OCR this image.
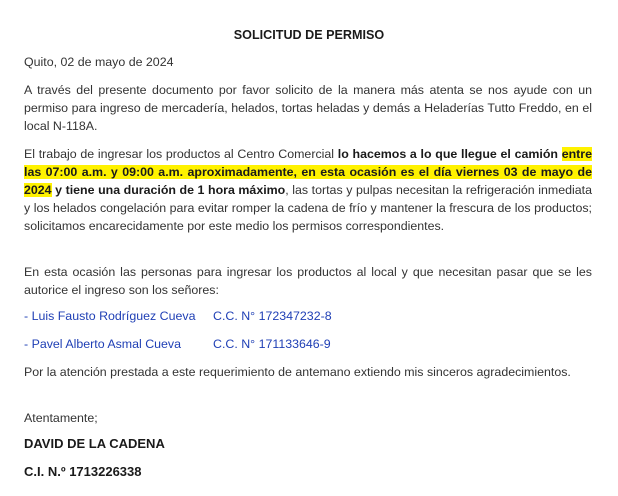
SOLICITUD DE PERMISO

Quito, 02 de mayo de 2024

A través del presente documento por favor solicito de la manera más atenta se nos ayude con un permiso para ingreso de mercadería, helados, tortas heladas y demás a Heladerías Tutto Freddo, en el local N-118A.

El trabajo de ingresar los productos al Centro Comercial lo hacemos a lo que llegue el camión entre las 07:00 a.m. y 09:00 a.m. aproximadamente, en esta ocasión es el día viernes 03 de mayo de 2024 y tiene una duración de 1 hora máximo, las tortas y pulpas necesitan la refrigeración inmediata y los helados congelación para evitar romper la cadena de frío y mantener la frescura de los productos; solicitamos encarecidamente por este medio los permisos correspondientes.

En esta ocasión las personas para ingresar los productos al local y que necesitan pasar que se les autorice el ingreso son los señores:

- Luis Fausto Rodríguez Cueva C.C. N° 172347232-8
- Pavel Alberto Asmal Cueva	C.C. N° 171133646-9

Por la atención prestada a este requerimiento de antemano extiendo mis sinceros agradecimientos.

Atentamente;

DAVID DE LA CADENA

C.I. N.º 1713226338
